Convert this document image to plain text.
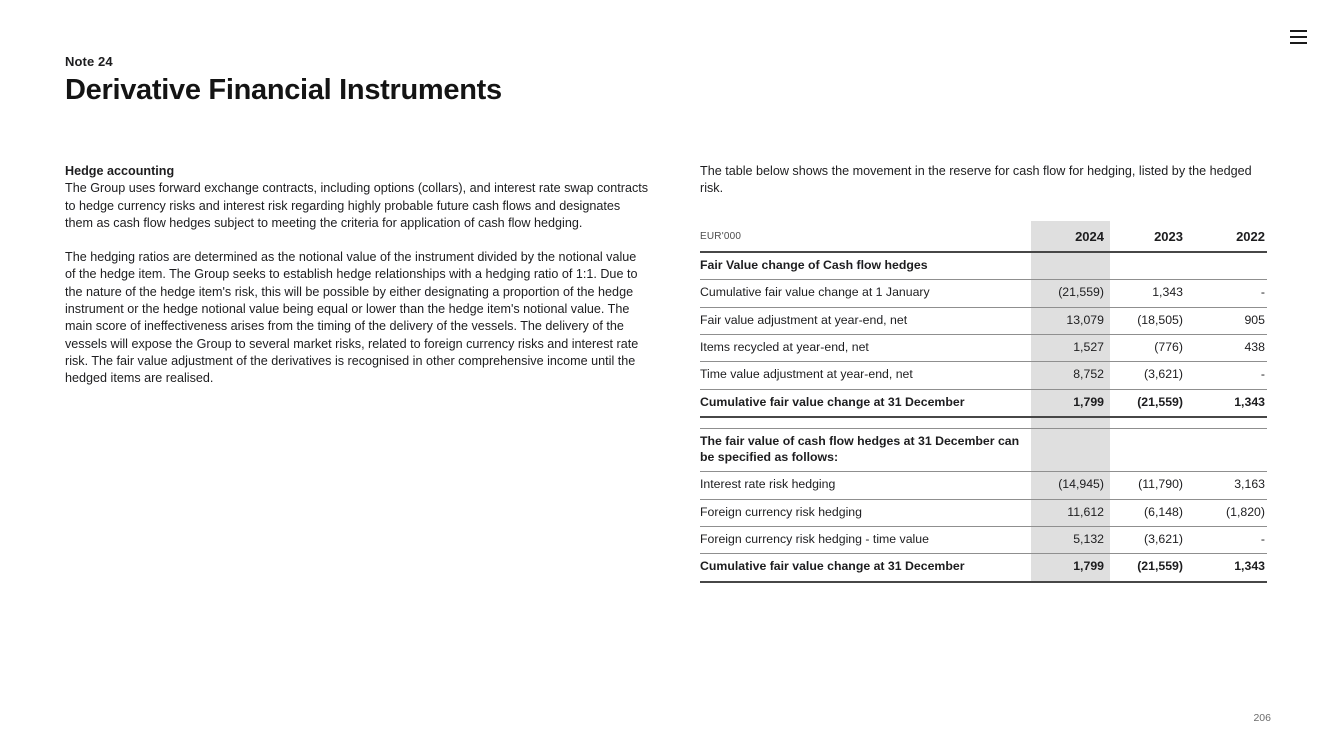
Note 24
Derivative Financial Instruments
Hedge accounting

The Group uses forward exchange contracts, including options (collars), and interest rate swap contracts to hedge currency risks and interest risk regarding highly probable future cash flows and designates them as cash flow hedges subject to meeting the criteria for application of cash flow hedging.

The hedging ratios are determined as the notional value of the instrument divided by the notional value of the hedge item. The Group seeks to establish hedge relationships with a hedging ratio of 1:1. Due to the nature of the hedge item's risk, this will be possible by either designating a proportion of the hedge instrument or the hedge notional value being equal or lower than the hedge item's notional value. The main score of ineffectiveness arises from the timing of the delivery of the vessels. The delivery of the vessels will expose the Group to several market risks, related to foreign currency risks and interest rate risk. The fair value adjustment of the derivatives is recognised in other comprehensive income until the hedged items are realised.

The table below shows the movement in the reserve for cash flow for hedging, listed by the hedged risk.

EUR'000	2024	2023	2022
Fair Value change of Cash flow hedges			
Cumulative fair value change at 1 January	(21,559)	1,343	-
Fair value adjustment at year-end, net	13,079	(18,505)	905
Items recycled at year-end, net	1,527	(776)	438
Time value adjustment at year-end, net	8,752	(3,621)	-
Cumulative fair value change at 31 December	1,799	(21,559)	1,343

The fair value of cash flow hedges at 31 December can be specified as follows:			
Interest rate risk hedging	(14,945)	(11,790)	3,163
Foreign currency risk hedging	11,612	(6,148)	(1,820)
Foreign currency risk hedging - time value	5,132	(3,621)	-
Cumulative fair value change at 31 December	1,799	(21,559)	1,343
206
